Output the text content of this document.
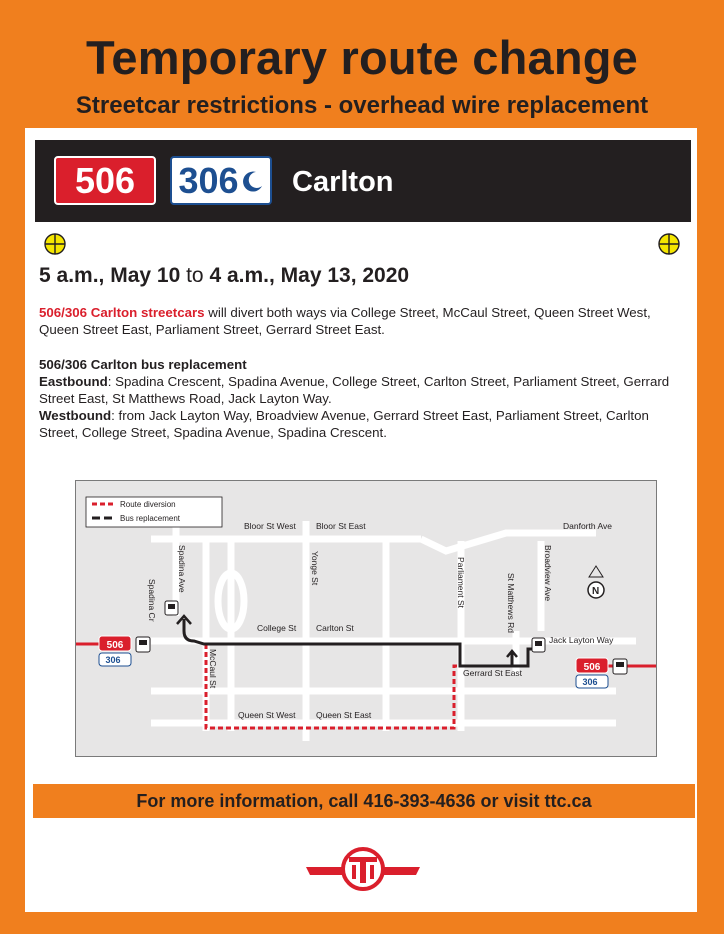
Temporary route change
Streetcar restrictions - overhead wire replacement
506 306 Carlton
5 a.m., May 10 to 4 a.m., May 13, 2020
506/306 Carlton streetcars will divert both ways via College Street, McCaul Street, Queen Street West, Queen Street East, Parliament Street, Gerrard Street East.
506/306 Carlton bus replacement
Eastbound: Spadina Crescent, Spadina Avenue, College Street, Carlton Street, Parliament Street, Gerrard Street East, St Matthews Road, Jack Layton Way.
Westbound: from Jack Layton Way, Broadview Avenue, Gerrard Street East, Parliament Street, Carlton Street, College Street, Spadina Avenue, Spadina Crescent.
Route diversion
Bus replacement
Bloor St West Bloor St East	Danforth Ave
College St Carlton St
Jack Layton Way
Gerrard St East
Queen St West Queen St East
Spadina Ave
Spadina Cr
Yonge St	Parliament St	St Matthews Rd	Broadview Ave
McCaul St
N
506
306
506
306
For more information, call 416-393-4636 or visit ttc.ca
